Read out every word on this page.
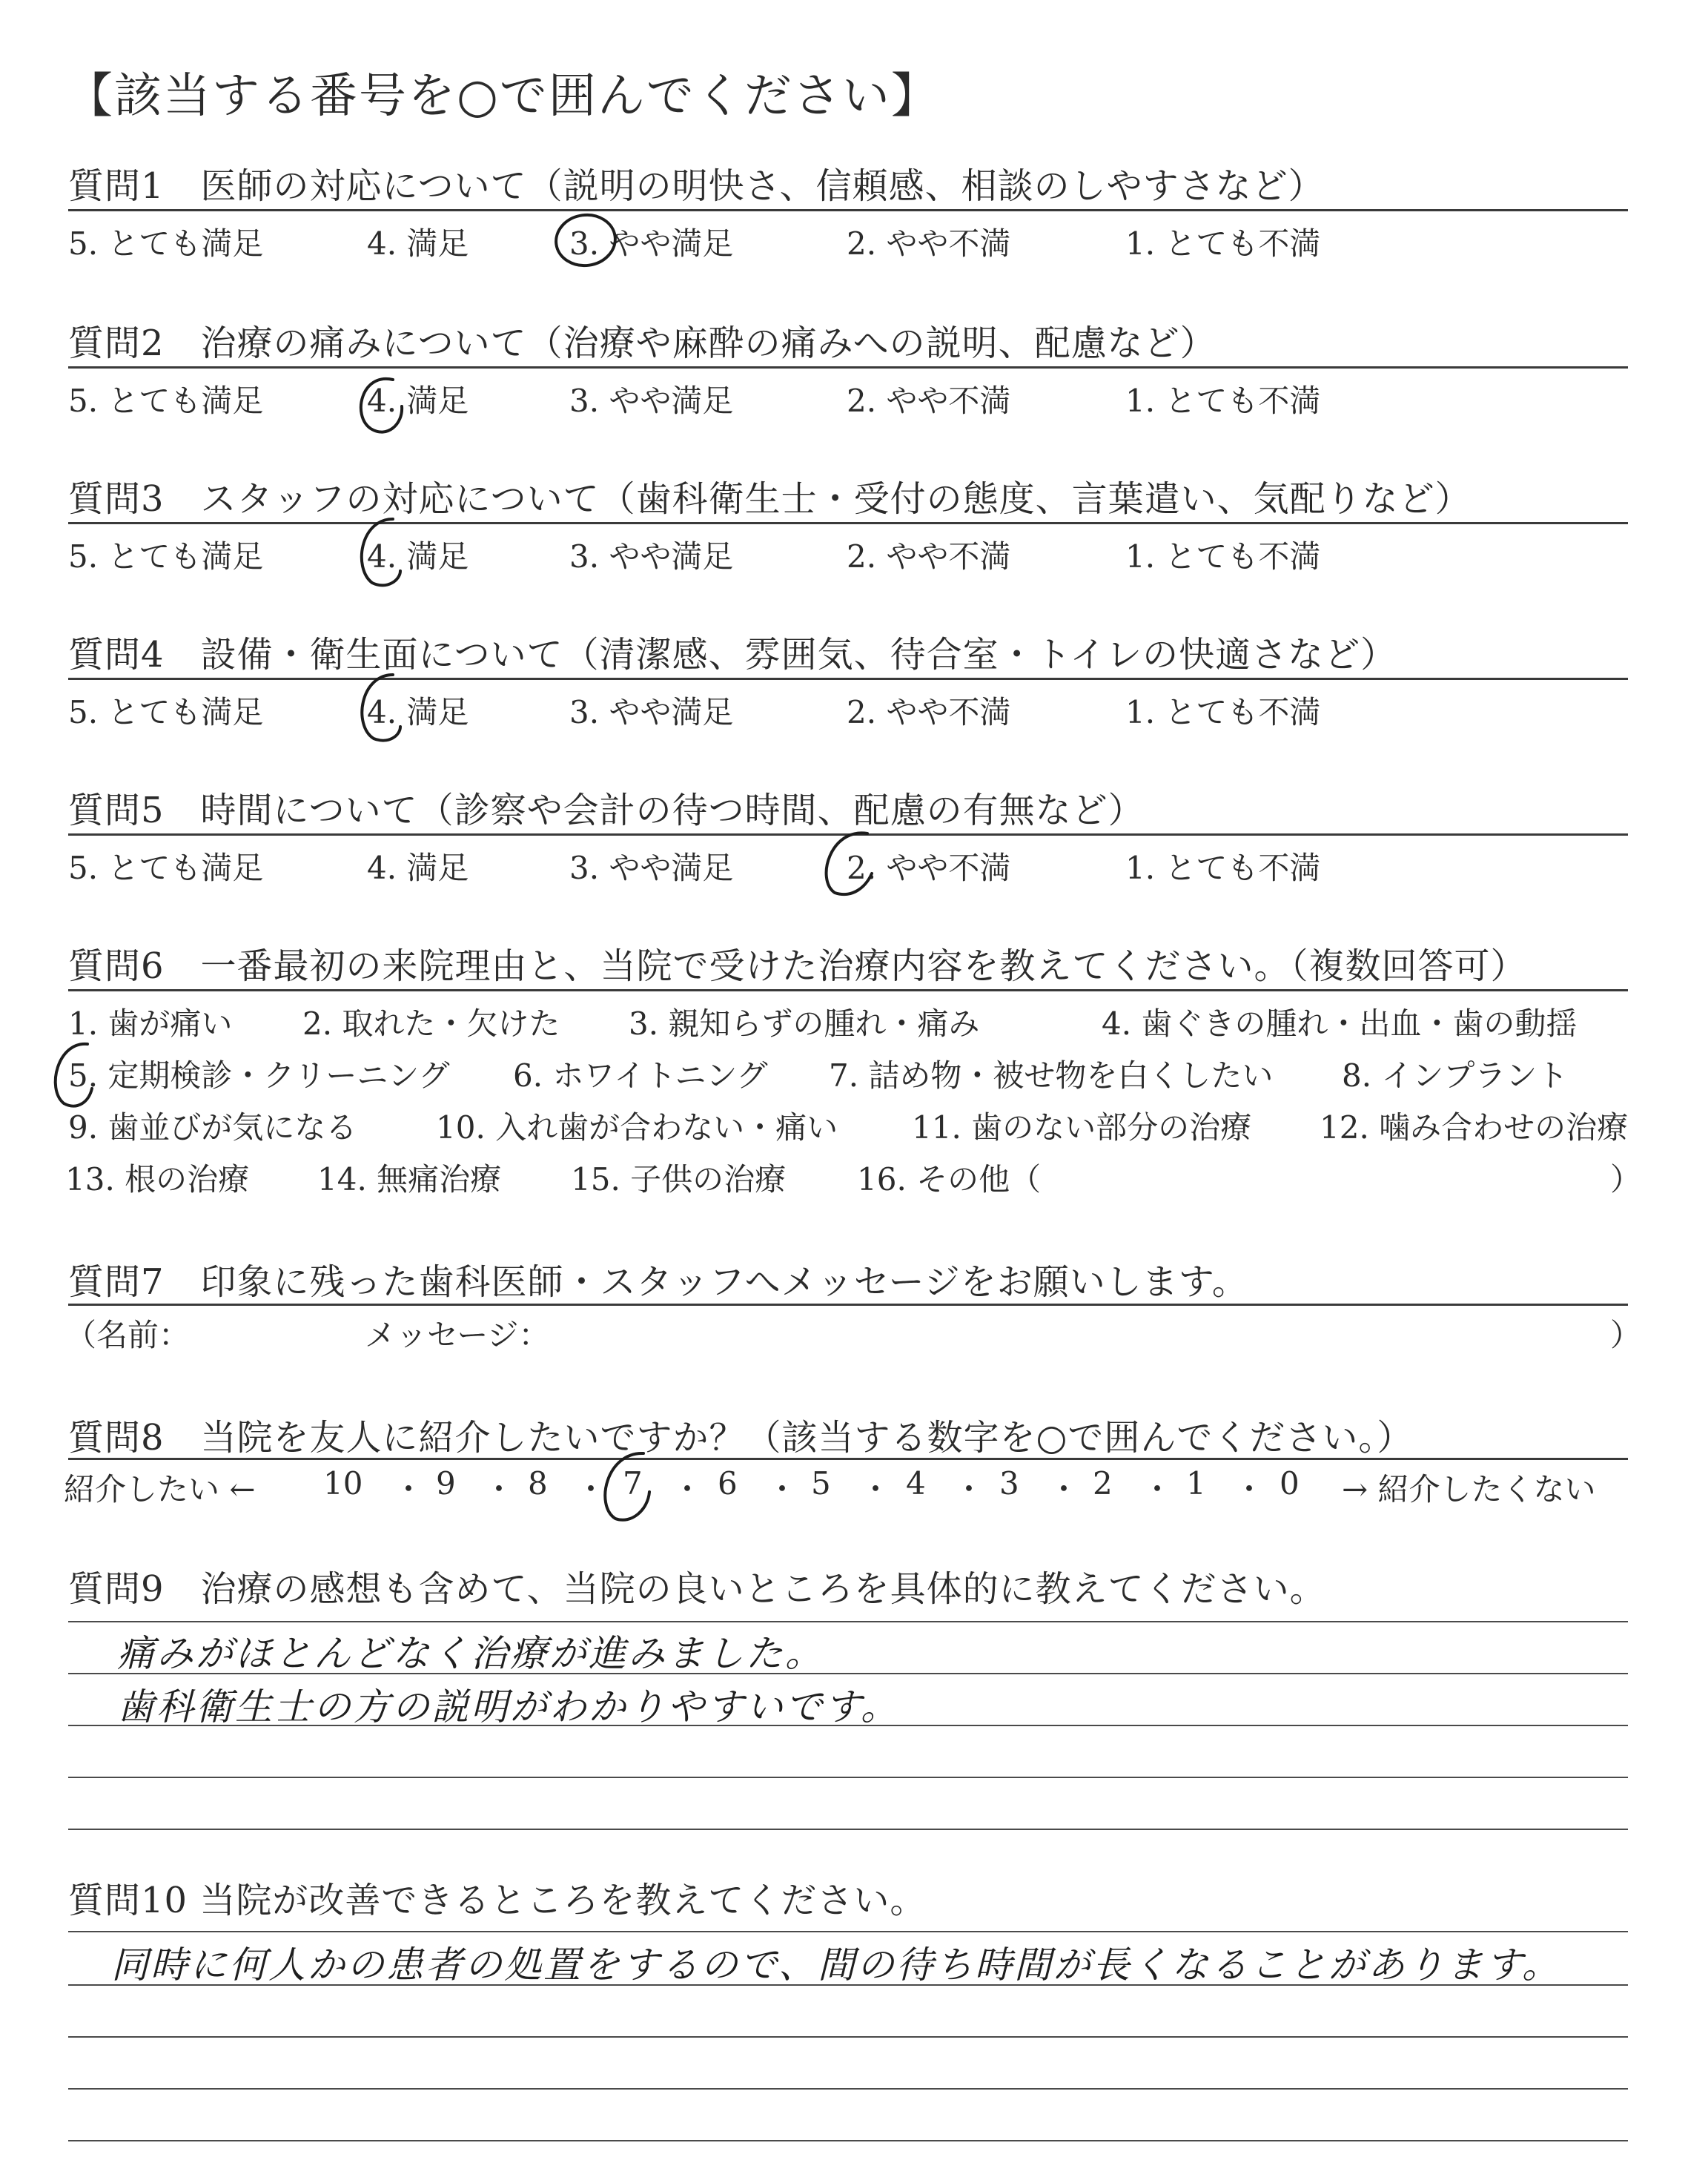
【該当する番号を○で囲んでください】
質問1　医師の対応について（説明の明快さ、信頼感、相談のしやすさなど）
5. とても満足	4. 満足	3. やや満足	2. やや不満	1. とても不満
質問2　治療の痛みについて（治療や麻酔の痛みへの説明、配慮など）
5. とても満足	4. 満足	3. やや満足	2. やや不満	1. とても不満
質問3　スタッフの対応について（歯科衛生士・受付の態度、言葉遣い、気配りなど）
5. とても満足	4. 満足	3. やや満足	2. やや不満	1. とても不満
質問4　設備・衛生面について（清潔感、雰囲気、待合室・トイレの快適さなど）
5. とても満足	4. 満足	3. やや満足	2. やや不満	1. とても不満
質問5　時間について（診察や会計の待つ時間、配慮の有無など）
5. とても満足	4. 満足	3. やや満足	2. やや不満	1. とても不満
質問6　一番最初の来院理由と、当院で受けた治療内容を教えてください。（複数回答可）
1. 歯が痛い 2. 取れた・欠けた 3. 親知らずの腫れ・痛み	4. 歯ぐきの腫れ・出血・歯の動揺
5. 定期検診・クリーニング 6. ホワイトニング 7. 詰め物・被せ物を白くしたい 8. インプラント
9. 歯並びが気になる	10. 入れ歯が合わない・痛い 11. 歯のない部分の治療 12. 噛み合わせの治療
13. 根の治療 14. 無痛治療 15. 子供の治療 16. その他（	）
質問7　印象に残った歯科医師・スタッフへメッセージをお願いします。
（名前：	メッセージ：	）
質問8　当院を友人に紹介したいですか？（該当する数字を○で囲んでください。）
紹介したい ← 10 ・ 9 ・ 8 ・ 7 ・ 6 ・ 5 ・ 4 ・ 3 ・ 2 ・ 1 ・ 0 → 紹介したくない
質問9　治療の感想も含めて、当院の良いところを具体的に教えてください。
痛みがほとんどなく治療が進みました。
歯科衛生士の方の説明がわかりやすいです。
質問10 当院が改善できるところを教えてください。
同時に何人かの患者の処置をするので、間の待ち時間が長くなることがあります。
